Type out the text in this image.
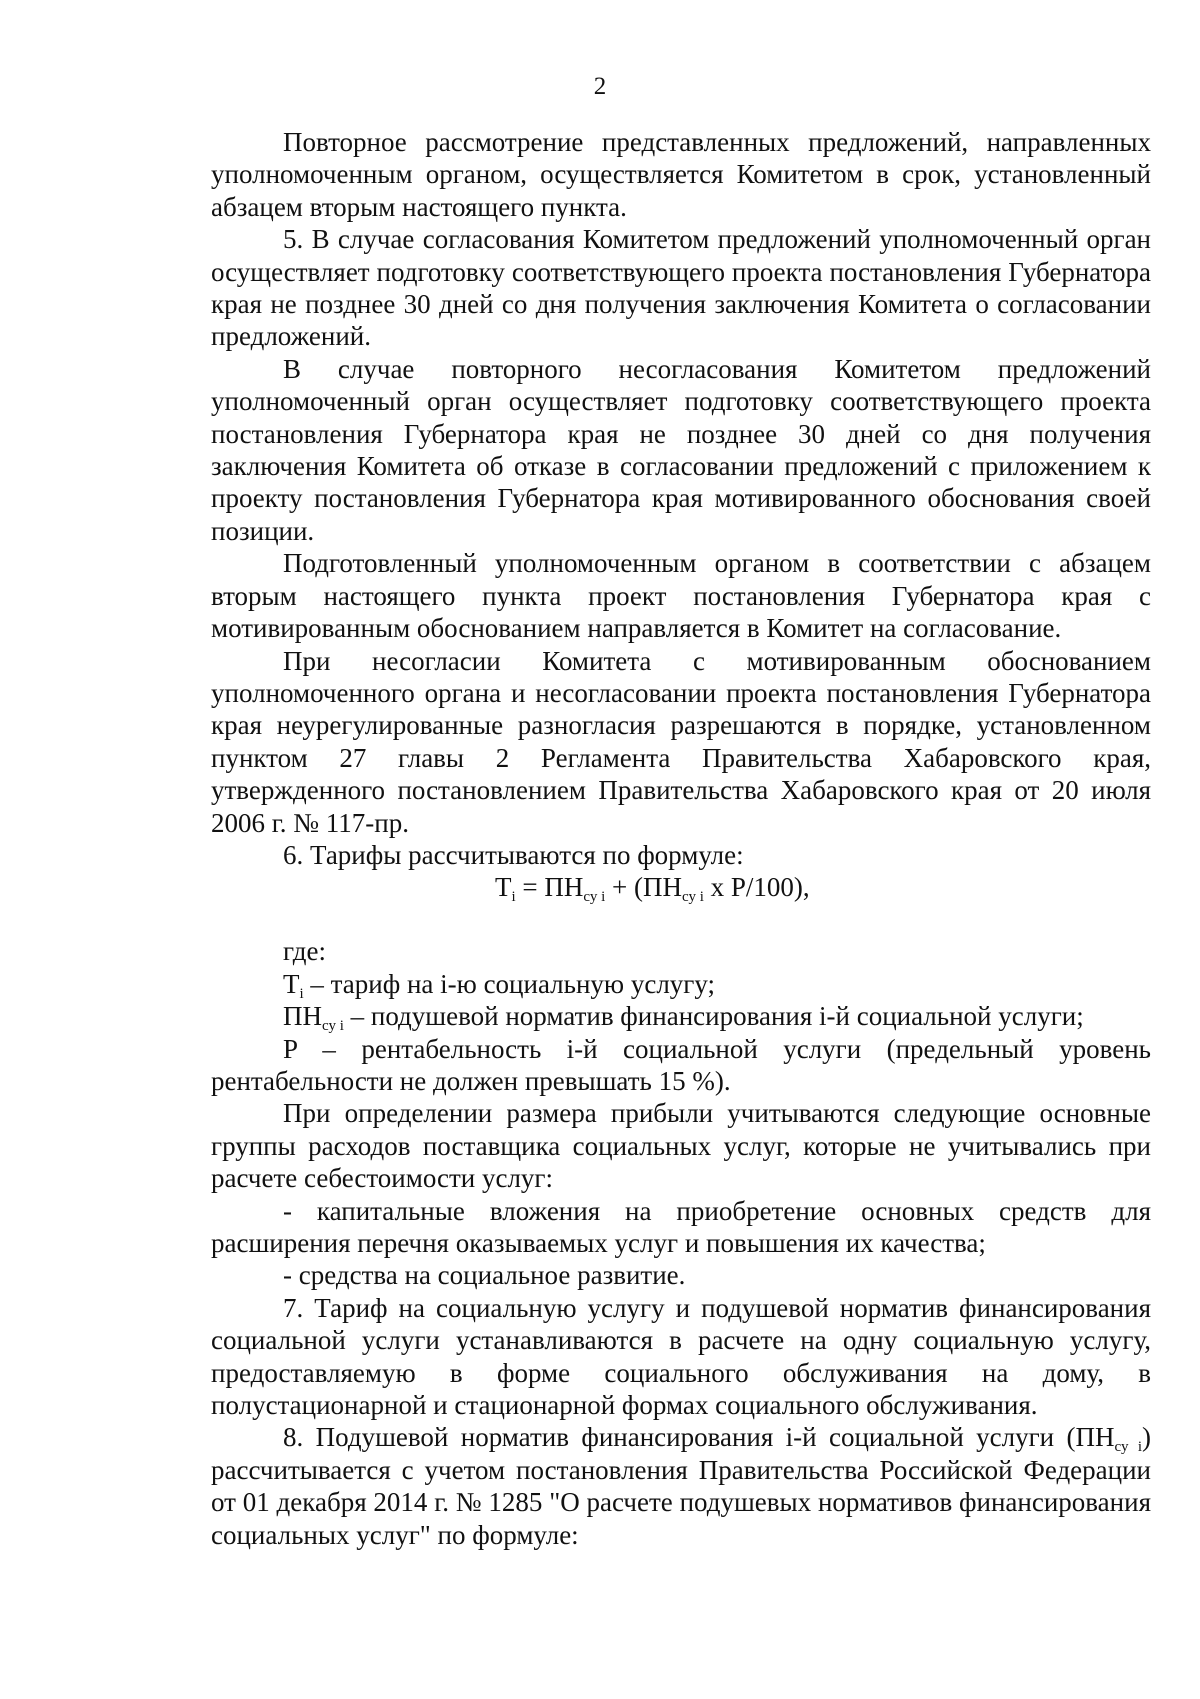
2

Повторное рассмотрение представленных предложений, направленных уполномоченным органом, осуществляется Комитетом в срок, установленный абзацем вторым настоящего пункта.

5. В случае согласования Комитетом предложений уполномоченный орган осуществляет подготовку соответствующего проекта постановления Губернатора края не позднее 30 дней со дня получения заключения Комитета о согласовании предложений.

В случае повторного несогласования Комитетом предложений уполномоченный орган осуществляет подготовку соответствующего проекта постановления Губернатора края не позднее 30 дней со дня получения заключения Комитета об отказе в согласовании предложений с приложением к проекту постановления Губернатора края мотивированного обоснования своей позиции.

Подготовленный уполномоченным органом в соответствии с абзацем вторым настоящего пункта проект постановления Губернатора края с мотивированным обоснованием направляется в Комитет на согласование.

При несогласии Комитета с мотивированным обоснованием уполномоченного органа и несогласовании проекта постановления Губернатора края неурегулированные разногласия разрешаются в порядке, установленном пунктом 27 главы 2 Регламента Правительства Хабаровского края, утвержденного постановлением Правительства Хабаровского края от 20 июля 2006 г. № 117-пр.

6. Тарифы рассчитываются по формуле:

$T_i = ПН_{су i} + (ПН_{су i}$ x P/100),

где:

$T_i$ – тариф на i-ю социальную услугу;

$ПН_{су i}$ – подушевой норматив финансирования i-й социальной услуги;

P – рентабельность i-й социальной услуги (предельный уровень рентабельности не должен превышать 15 %).

При определении размера прибыли учитываются следующие основные группы расходов поставщика социальных услуг, которые не учитывались при расчете себестоимости услуг:

- капитальные вложения на приобретение основных средств для расширения перечня оказываемых услуг и повышения их качества;

- средства на социальное развитие.

7. Тариф на социальную услугу и подушевой норматив финансирования социальной услуги устанавливаются в расчете на одну социальную услугу, предоставляемую в форме социального обслуживания на дому, в полустационарной и стационарной формах социального обслуживания.

8. Подушевой норматив финансирования i-й социальной услуги $(ПН_{су i})$ рассчитывается с учетом постановления Правительства Российской Федерации от 01 декабря 2014 г. № 1285 "О расчете подушевых нормативов финансирования социальных услуг" по формуле:
